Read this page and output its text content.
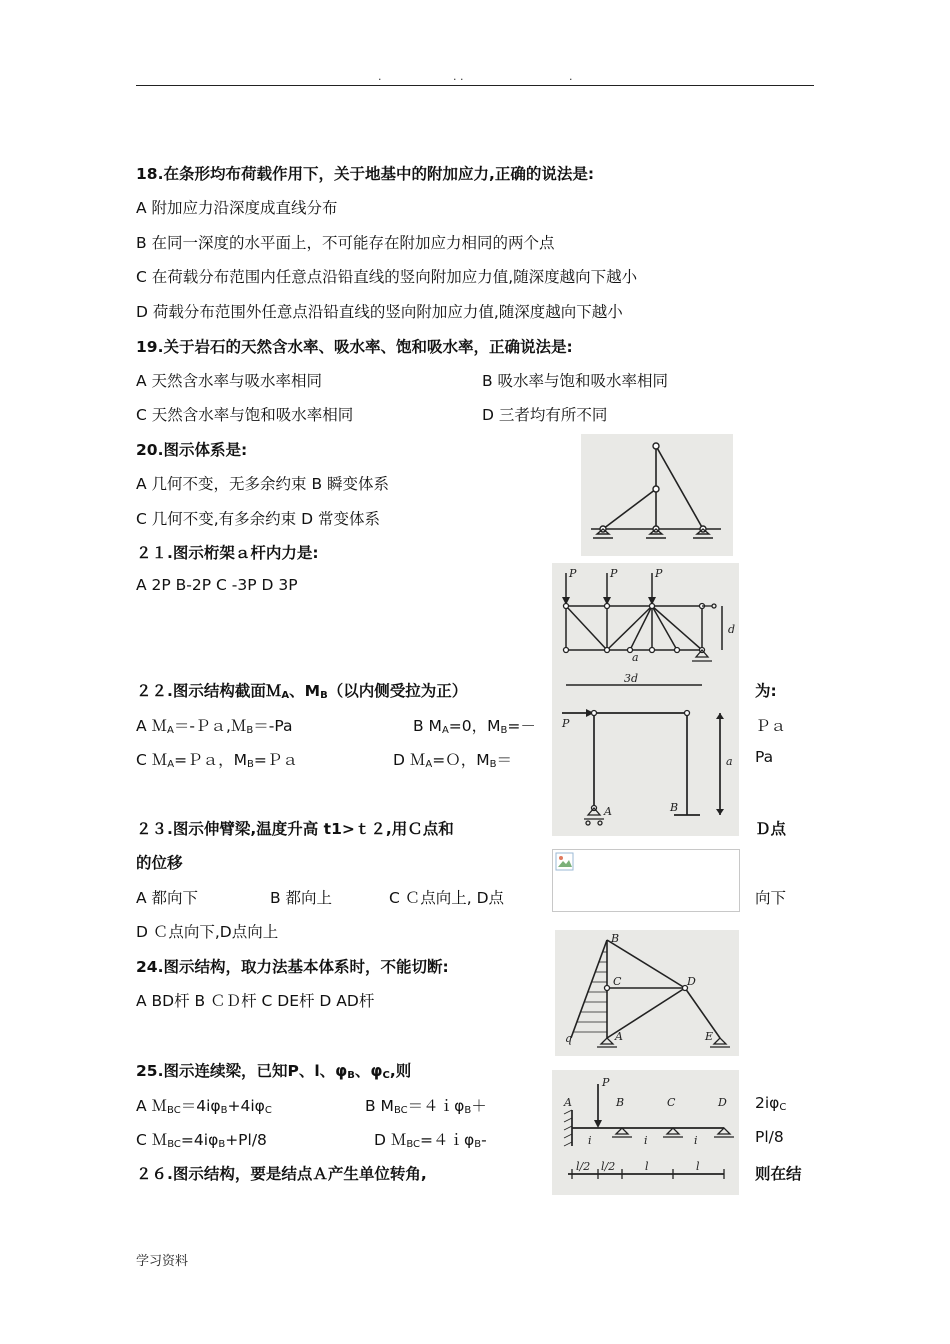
.	. .	.
18.在条形均布荷载作用下，关于地基中的附加应力,正确的说法是:
A 附加应力沿深度成直线分布
B 在同一深度的水平面上，不可能存在附加应力相同的两个点
C 在荷载分布范围内任意点沿铅直线的竖向附加应力值,随深度越向下越小
D 荷载分布范围外任意点沿铅直线的竖向附加应力值,随深度越向下越小
19.关于岩石的天然含水率、吸水率、饱和吸水率，正确说法是:
A 天然含水率与吸水率相同	B 吸水率与饱和吸水率相同
C 天然含水率与饱和吸水率相同	D 三者均有所不同
20.图示体系是:
A 几何不变，无多余约束 B 瞬变体系
C 几何不变,有多余约束 D 常变体系
２１.图示桁架ａ杆内力是:
A 2P B-2P C -3P D 3P
P	P	P
d
a
3d
２２.图示结构截面Ｍ$_A$、$M_B$（以内侧受拉为正）	为:
A Ｍ$_A$＝-Ｐａ,Ｍ$_B$＝-Pa	B $M_A=0$，$M_B=-$	Ｐａ
C Ｍ$_A$=Ｐａ，$M_B=Pa$	D Ｍ$_A$=Ｏ，$M_B=$	Pa
P
a
A	B
２３.图示伸臂梁,温度升高 t1>ｔ２,用Ｃ点和	Ｄ点
的位移
A 都向下	B 都向上	C Ｃ点向上, D点	向下
D Ｃ点向下,D点向上
24.图示结构，取力法基本体系时，不能切断:
A BD杆 B ＣＤ杆 C DE杆 D AD杆
B
C	D
A	E
q
25.图示连续梁，已知P、l、$\varphi_B$、$\varphi_C$,则
A $M_{BC}=4i\varphi_B+4i\varphi_C$	B $M_{BC}=4i\varphi_B+$	$2i\varphi_C$
C $M_{BC}=4i\varphi_B+Pl/8$	D Ｍ$_{BC}$=４ｉφ$_B$-	Pl/8
P
A	B	C	D
i	i	i
l/2 l/2	l	l
２６.图示结构，要是结点Ａ产生单位转角,	则在结
学习资料
